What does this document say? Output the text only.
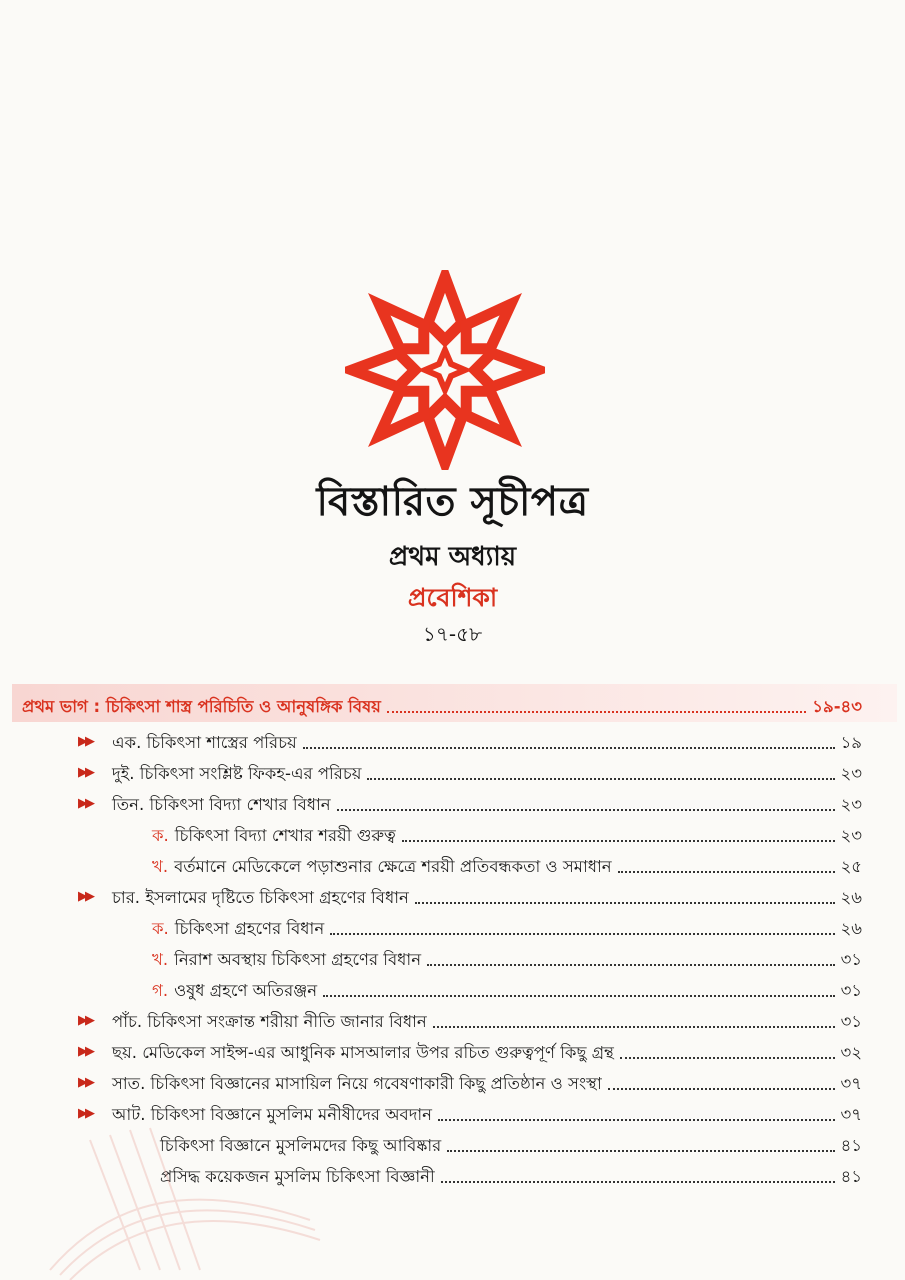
বিস্তারিত সূচীপত্র
প্রথম অধ্যায়
প্রবেশিকা
১৭-৫৮
প্রথম ভাগ : চিকিৎসা শাস্ত্র পরিচিতি ও আনুষঙ্গিক বিষয়	১৯-৪৩
▶▶ এক. চিকিৎসা শাস্ত্রের পরিচয়	১৯
▶▶ দুই. চিকিৎসা সংশ্লিষ্ট ফিকহ-এর পরিচয়	২৩
▶▶ তিন. চিকিৎসা বিদ্যা শেখার বিধান	২৩
ক. চিকিৎসা বিদ্যা শেখার শরয়ী গুরুত্ব	২৩
খ. বর্তমানে মেডিকেলে পড়াশুনার ক্ষেত্রে শরয়ী প্রতিবন্ধকতা ও সমাধান	২৫
▶▶ চার. ইসলামের দৃষ্টিতে চিকিৎসা গ্রহণের বিধান	২৬
ক. চিকিৎসা গ্রহণের বিধান	২৬
খ. নিরাশ অবস্থায় চিকিৎসা গ্রহণের বিধান	৩১
গ. ওষুধ গ্রহণে অতিরঞ্জন	৩১
▶▶ পাঁচ. চিকিৎসা সংক্রান্ত শরীয়া নীতি জানার বিধান	৩১
▶▶ ছয়. মেডিকেল সাইন্স-এর আধুনিক মাসআলার উপর রচিত গুরুত্বপূর্ণ কিছু গ্রন্থ	৩২
▶▶ সাত. চিকিৎসা বিজ্ঞানের মাসায়িল নিয়ে গবেষণাকারী কিছু প্রতিষ্ঠান ও সংস্থা	৩৭
▶▶ আট. চিকিৎসা বিজ্ঞানে মুসলিম মনীষীদের অবদান	৩৭
চিকিৎসা বিজ্ঞানে মুসলিমদের কিছু আবিষ্কার	৪১
প্রসিদ্ধ কয়েকজন মুসলিম চিকিৎসা বিজ্ঞানী	৪১
